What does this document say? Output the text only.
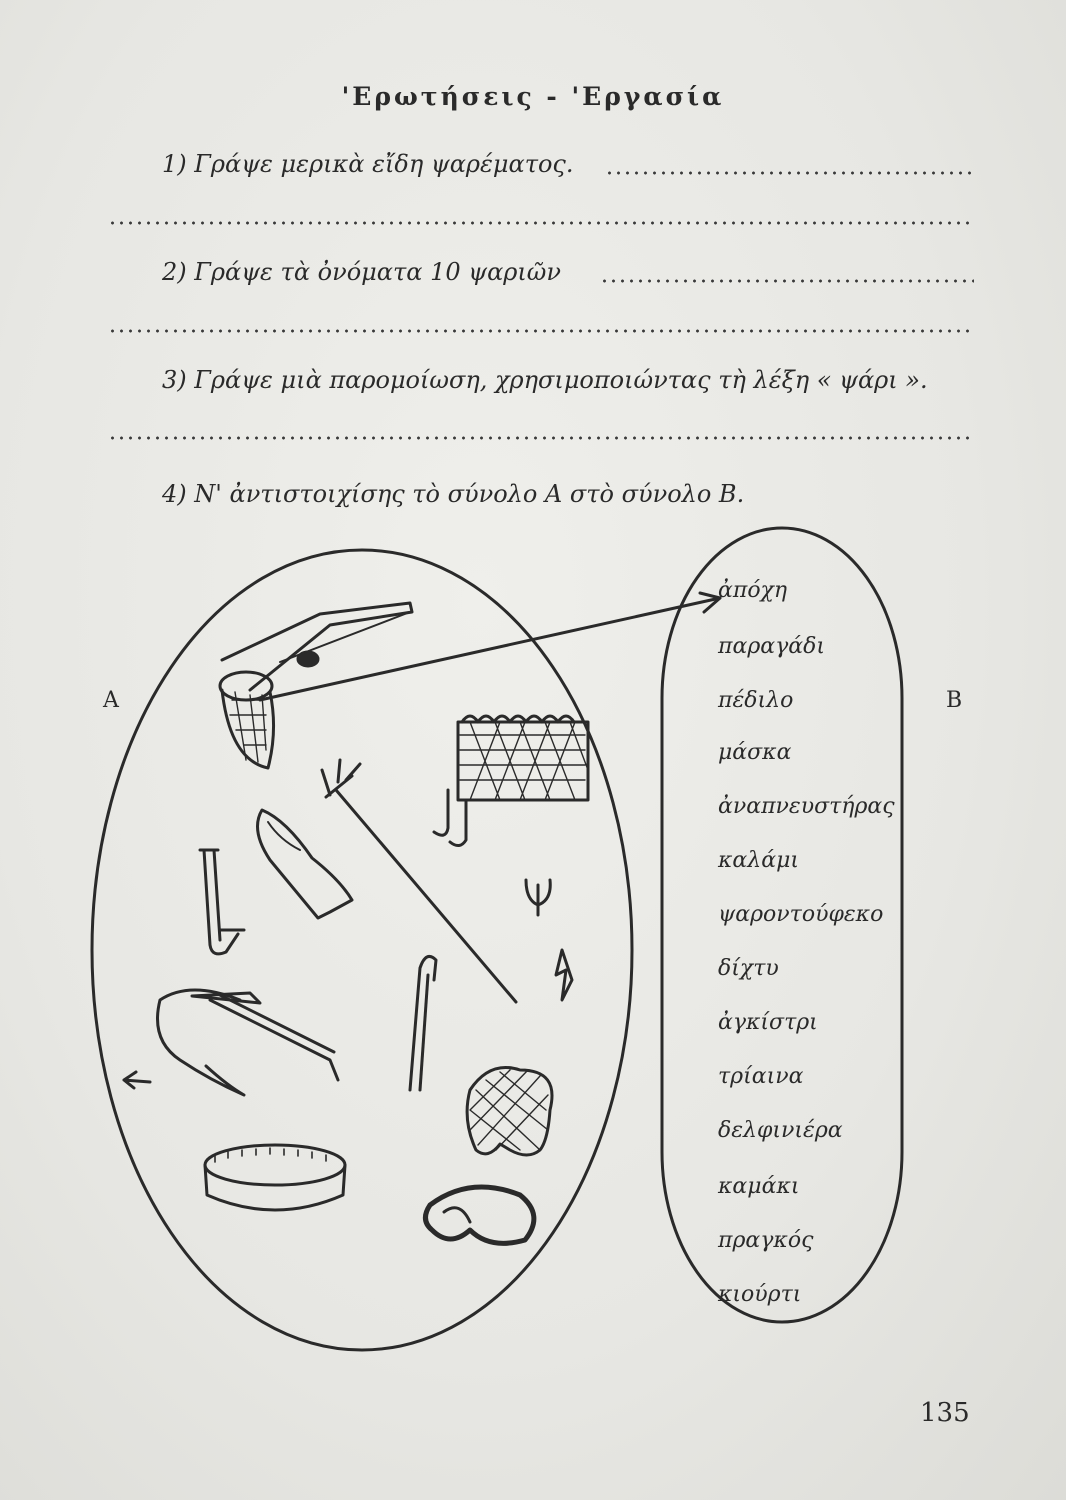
'Ερωτήσεις - 'Εργασία
1) Γράψε μερικὰ εἴδη ψαρέματος.
2) Γράψε τὰ ὀνόματα 10 ψαριῶν
3) Γράψε μιὰ παρομοίωση, χρησιμοποιώντας τὴ λέξη « ψάρι ».
4) Ν' ἀντιστοιχίσης τὸ σύνολο Α στὸ σύνολο Β.
Α	Β
ἀπόχη
παραγάδι
πέδιλο
μάσκα
ἀναπνευστήρας
καλάμι
ψαροντούφεκο
δίχτυ
ἀγκίστρι
τρίαινα
δελφινιέρα
καμάκι
πραγκός
κιούρτι
135
